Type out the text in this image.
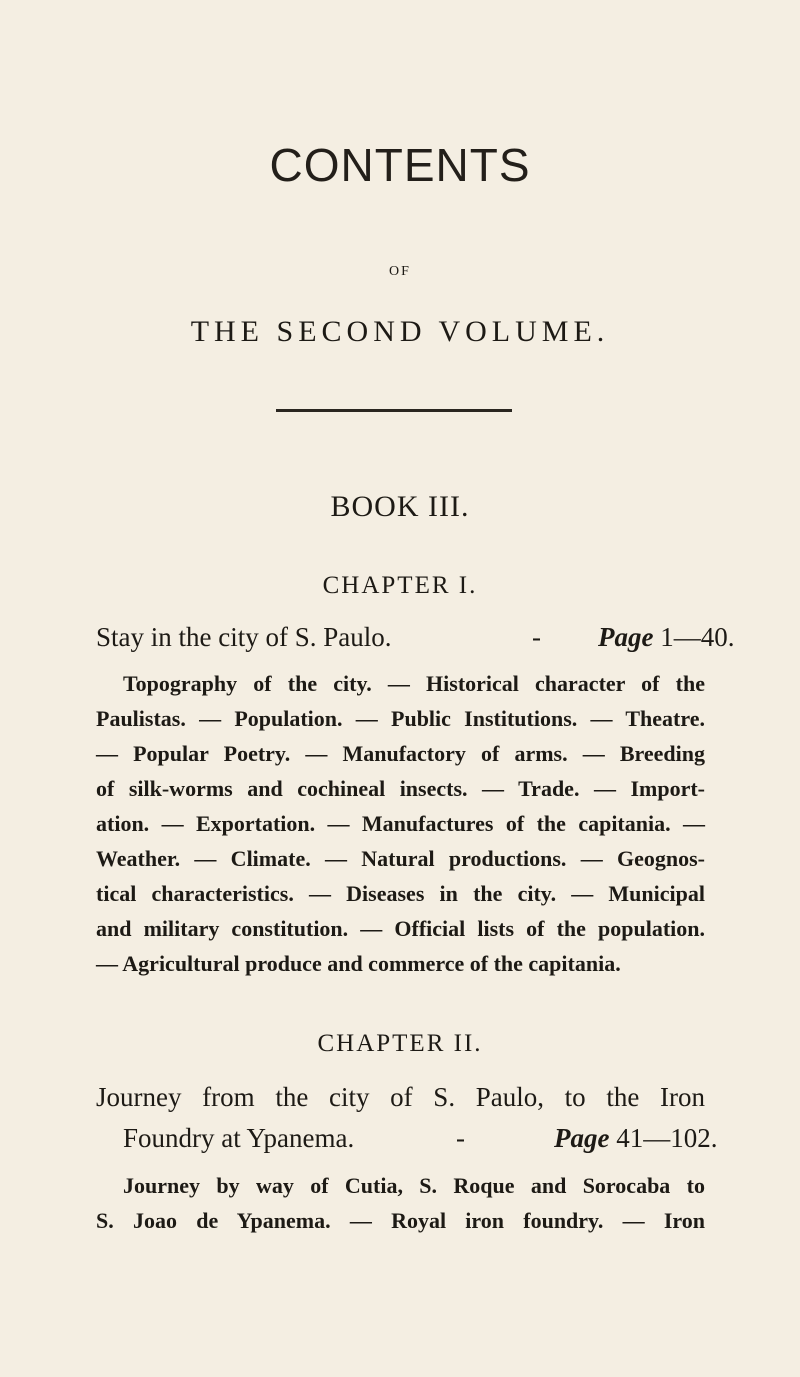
CONTENTS
OF
THE SECOND VOLUME.
BOOK III.
CHAPTER I.
Stay in the city of S. Paulo.	- Page 1—40.
Topography of the city. — Historical character of the
Paulistas. — Population. — Public Institutions. — Theatre.
— Popular Poetry. — Manufactory of arms. — Breeding
of silk-worms and cochineal insects. — Trade. — Import-
ation. — Exportation. — Manufactures of the capitania. —
Weather. — Climate. — Natural productions. — Geognos-
tical characteristics. — Diseases in the city. — Municipal
and military constitution. — Official lists of the population.
— Agricultural produce and commerce of the capitania.
CHAPTER II.
Journey from the city of S. Paulo, to the Iron
Foundry at Ypanema.	-	Page 41—102.
Journey by way of Cutia, S. Roque and Sorocaba to
S. Joao de Ypanema. — Royal iron foundry. — Iron
